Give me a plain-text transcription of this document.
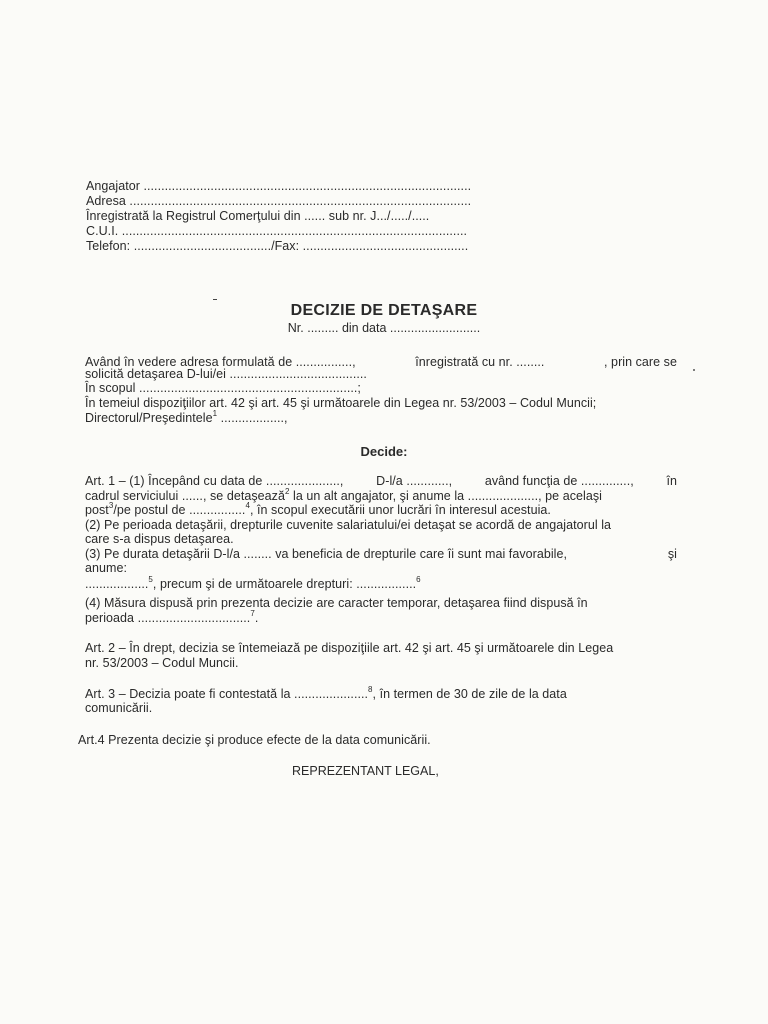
Angajator .............................................................................................
Adresa .................................................................................................
Înregistrată la Registrul Comerţului din ...... sub nr. J.../...../.....
C.U.I. ..................................................................................................
Telefon: ......................................./Fax: ...............................................
DECIZIE DE DETAŞARE
Nr. ......... din data ..........................
Având în vedere adresa formulată de ................,	înregistrată cu nr. ........	, prin care se
solicită detaşarea D-lui/ei .......................................
În scopul ..............................................................;
În temeiul dispoziţiilor art. 42 şi art. 45 şi următoarele din Legea nr. 53/2003 – Codul Muncii;
Directorul/Preşedintele$^1$ ..................,
Decide:
Art. 1 – (1) Începând cu data de .....................,	D-l/a ............,	având funcţia de ..............,	în
cadrul serviciului ......, se detaşează$^2$ la un alt angajator, şi anume la ...................., pe acelaşi
post$^3$/pe postul de ................$^4$, în scopul executării unor lucrări în interesul acestuia.
(2) Pe perioada detaşării, drepturile cuvenite salariatului/ei detaşat se acordă de angajatorul la
care s-a dispus detaşarea.
(3) Pe durata detaşării D-l/a ........ va beneficia de drepturile care îi sunt mai favorabile,	şi
anume:
..................$^5$, precum şi de următoarele drepturi: .................$^6$
(4) Măsura dispusă prin prezenta decizie are caracter temporar, detaşarea fiind dispusă în
perioada ................................$^7$.
Art. 2 – În drept, decizia se întemeiază pe dispoziţiile art. 42 şi art. 45 şi următoarele din Legea
nr. 53/2003 – Codul Muncii.
Art. 3 – Decizia poate fi contestată la .....................$^8$, în termen de 30 de zile de la data
comunicării.
Art.4 Prezenta decizie şi produce efecte de la data comunicării.
REPREZENTANT LEGAL,
